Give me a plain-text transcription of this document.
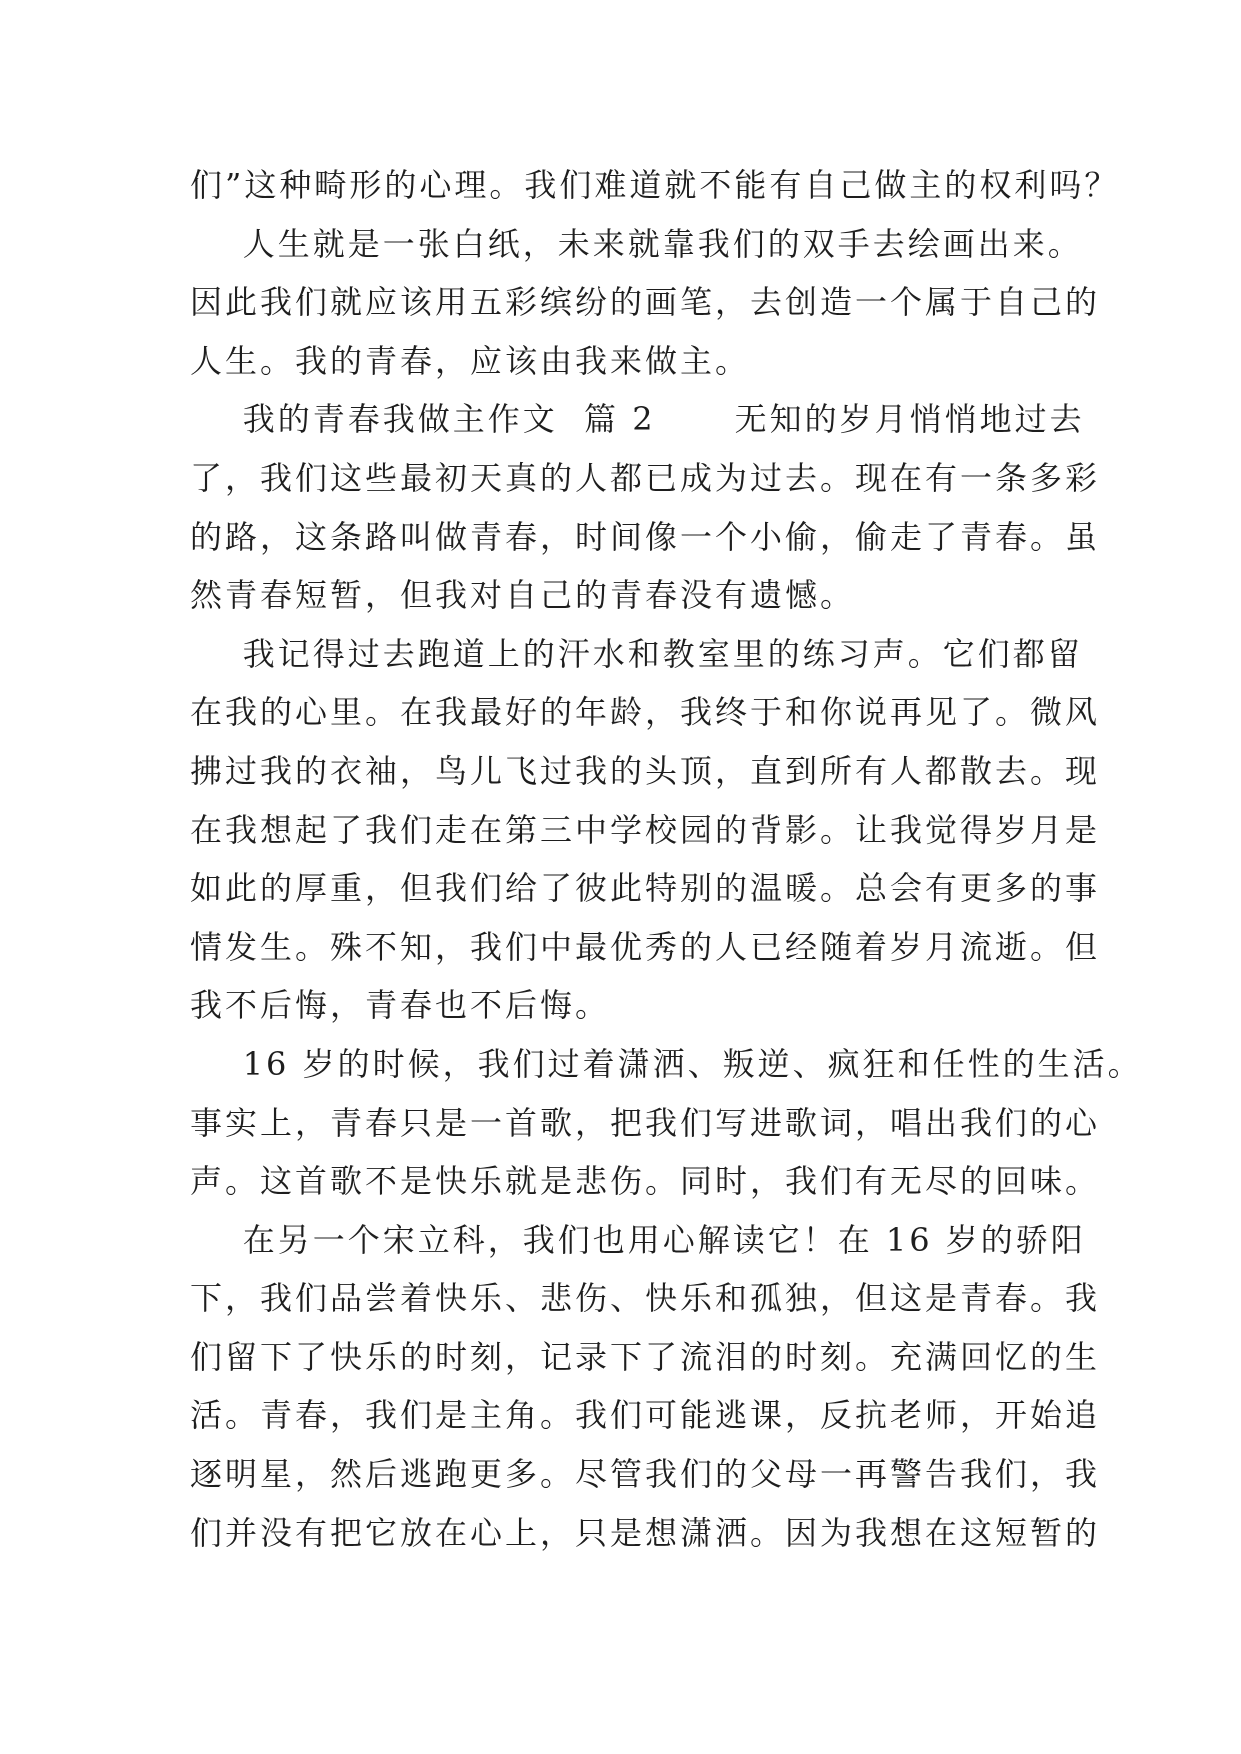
们”这种畸形的心理。我们难道就不能有自己做主的权利吗？
人生就是一张白纸，未来就靠我们的双手去绘画出来。
因此我们就应该用五彩缤纷的画笔，去创造一个属于自己的
人生。我的青春，应该由我来做主。
我的青春我做主作文  篇 2      无知的岁月悄悄地过去
了，我们这些最初天真的人都已成为过去。现在有一条多彩
的路，这条路叫做青春，时间像一个小偷，偷走了青春。虽
然青春短暂，但我对自己的青春没有遗憾。
我记得过去跑道上的汗水和教室里的练习声。它们都留
在我的心里。在我最好的年龄，我终于和你说再见了。微风
拂过我的衣袖，鸟儿飞过我的头顶，直到所有人都散去。现
在我想起了我们走在第三中学校园的背影。让我觉得岁月是
如此的厚重，但我们给了彼此特别的温暖。总会有更多的事
情发生。殊不知，我们中最优秀的人已经随着岁月流逝。但
我不后悔，青春也不后悔。
16 岁的时候，我们过着潇洒、叛逆、疯狂和任性的生活。
事实上，青春只是一首歌，把我们写进歌词，唱出我们的心
声。这首歌不是快乐就是悲伤。同时，我们有无尽的回味。
在另一个宋立科，我们也用心解读它！在 16 岁的骄阳
下，我们品尝着快乐、悲伤、快乐和孤独，但这是青春。我
们留下了快乐的时刻，记录下了流泪的时刻。充满回忆的生
活。青春，我们是主角。我们可能逃课，反抗老师，开始追
逐明星，然后逃跑更多。尽管我们的父母一再警告我们，我
们并没有把它放在心上，只是想潇洒。因为我想在这短暂的
